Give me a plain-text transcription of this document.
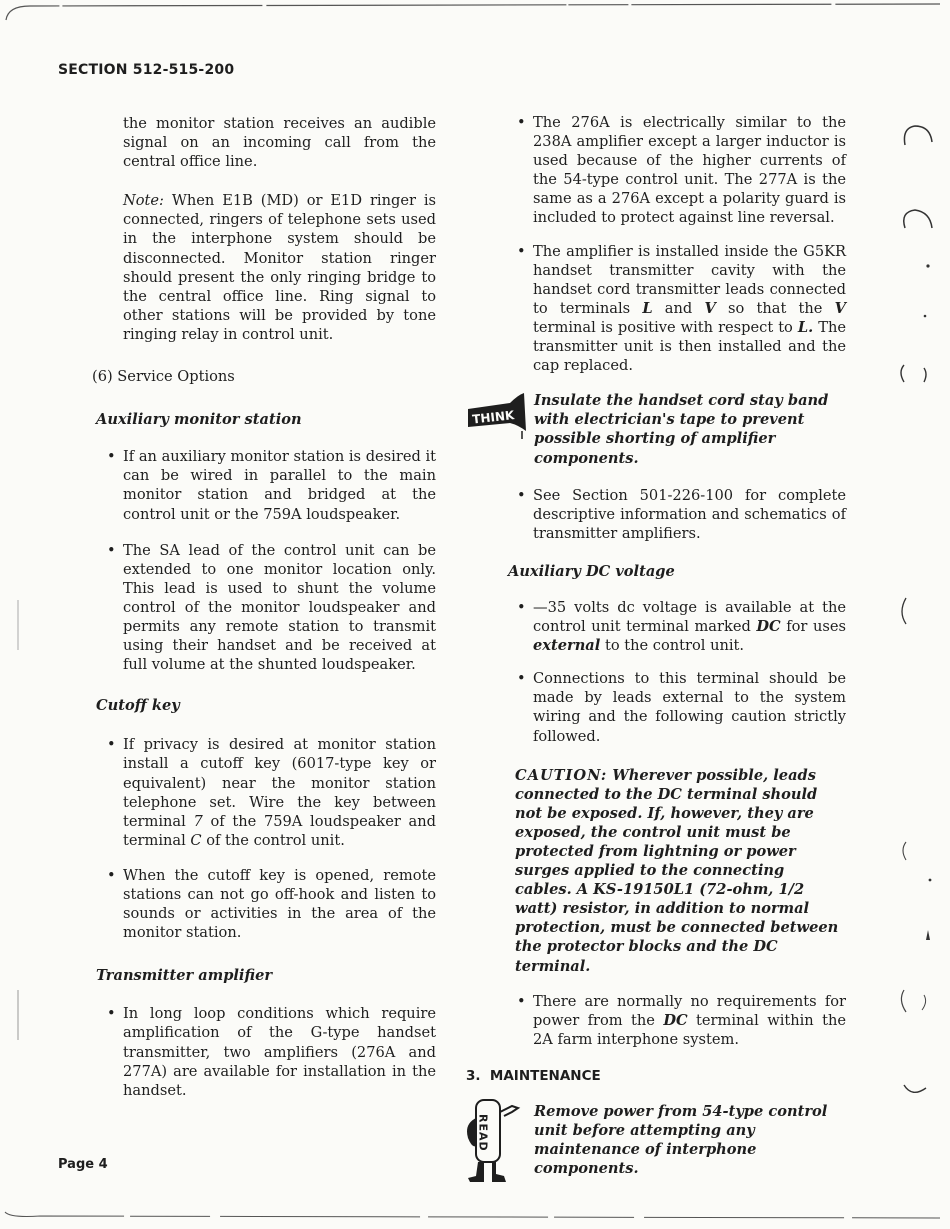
SECTION 512-515-200

the monitor station receives an audible signal on an incoming call from the central office line.

Note: When E1B (MD) or E1D ringer is connected, ringers of telephone sets used in the interphone system should be disconnected. Monitor station ringer should present the only ringing bridge to the central office line. Ring signal to other stations will be provided by tone ringing relay in control unit.

(6) Service Options

Auxiliary monitor station

• If an auxiliary monitor station is desired it can be wired in parallel to the main monitor station and bridged at the control unit or the 759A loudspeaker.
• The SA lead of the control unit can be extended to one monitor location only. This lead is used to shunt the volume control of the monitor loudspeaker and permits any remote station to transmit using their handset and be received at full volume at the shunted loudspeaker.

Cutoff key

• If privacy is desired at monitor station install a cutoff key (6017-type key or equivalent) near the monitor station telephone set. Wire the key between terminal 7 of the 759A loudspeaker and terminal C of the control unit.
• When the cutoff key is opened, remote stations can not go off-hook and listen to sounds or activities in the area of the monitor station.

Transmitter amplifier

• In long loop conditions which require amplification of the G-type handset transmitter, two amplifiers (276A and 277A) are available for installation in the handset.
• The 276A is electrically similar to the 238A amplifier except a larger inductor is used because of the higher currents of the 54-type control unit. The 277A is the same as a 276A except a polarity guard is included to protect against line reversal.
• The amplifier is installed inside the G5KR handset transmitter cavity with the handset cord transmitter leads connected to terminals L and V so that the V terminal is positive with respect to L. The transmitter unit is then installed and the cap replaced.
THINK

Insulate the handset cord stay band with electrician's tape to prevent possible shorting of amplifier components.

• See Section 501-226-100 for complete descriptive information and schematics of transmitter amplifiers.

Auxiliary DC voltage

• —35 volts dc voltage is available at the control unit terminal marked DC for uses external to the control unit.
• Connections to this terminal should be made by leads external to the system wiring and the following caution strictly followed.

CAUTION: Wherever possible, leads connected to the DC terminal should not be exposed. If, however, they are exposed, the control unit must be protected from lightning or power surges applied to the connecting cables. A KS-19150L1 (72-ohm, 1/2 watt) resistor, in addition to normal protection, must be connected between the protector blocks and the DC terminal.

• There are normally no requirements for power from the DC terminal within the 2A farm interphone system.

3.  MAINTENANCE

READ

Remove power from 54-type control unit before attempting any maintenance of interphone components.

Page 4
